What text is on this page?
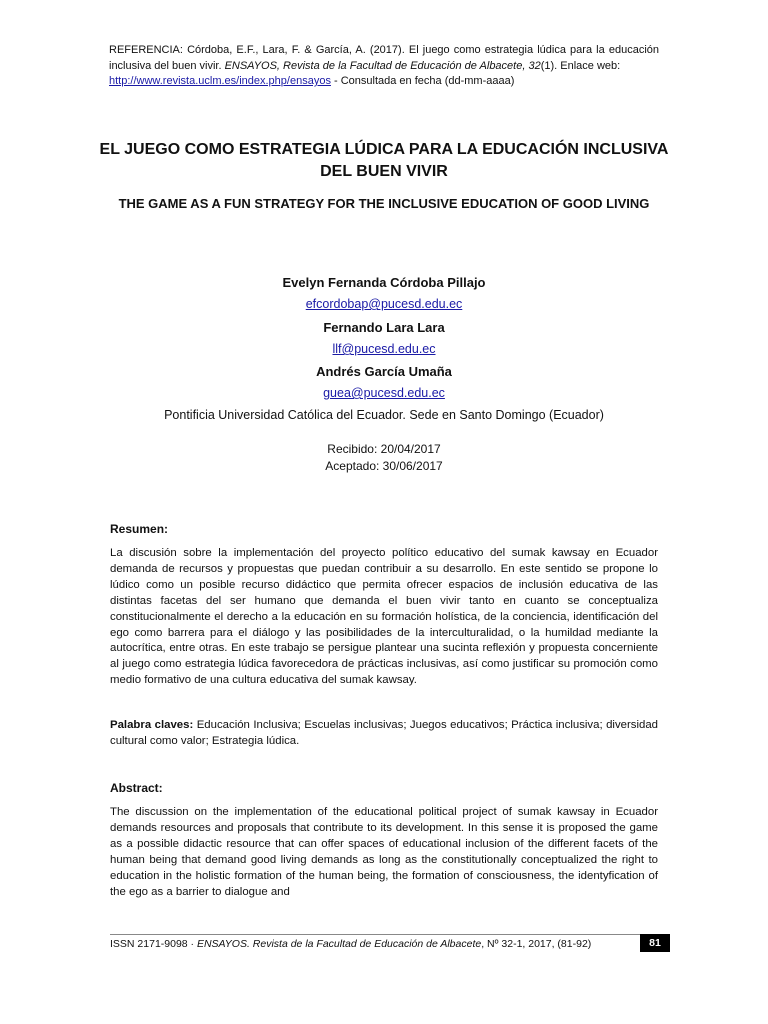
REFERENCIA: Córdoba, E.F., Lara, F. & García, A. (2017). El juego como estrategia lúdica para la educación inclusiva del buen vivir. ENSAYOS, Revista de la Facultad de Educación de Albacete, 32(1). Enlace web:
http://www.revista.uclm.es/index.php/ensayos - Consultada en fecha (dd-mm-aaaa)
EL JUEGO COMO ESTRATEGIA LÚDICA PARA LA EDUCACIÓN INCLUSIVA DEL BUEN VIVIR
THE GAME AS A FUN STRATEGY FOR THE INCLUSIVE EDUCATION OF GOOD LIVING
Evelyn Fernanda Córdoba Pillajo
efcordobap@pucesd.edu.ec
Fernando Lara Lara
llf@pucesd.edu.ec
Andrés García Umaña
guea@pucesd.edu.ec
Pontificia Universidad Católica del Ecuador. Sede en Santo Domingo (Ecuador)
Recibido: 20/04/2017
Aceptado: 30/06/2017
Resumen:
La discusión sobre la implementación del proyecto político educativo del sumak kawsay en Ecuador demanda de recursos y propuestas que puedan contribuir a su desarrollo. En este sentido se propone lo lúdico como un posible recurso didáctico que permita ofrecer espacios de inclusión educativa de las distintas facetas del ser humano que demanda el buen vivir tanto en cuanto se conceptualiza constitucionalmente el derecho a la educación en su formación holística, de la conciencia, identificación del ego como barrera para el diálogo y las posibilidades de la interculturalidad, o la humildad mediante la autocrítica, entre otras. En este trabajo se persigue plantear una sucinta reflexión y propuesta concerniente al juego como estrategia lúdica favorecedora de prácticas inclusivas, así como justificar su promoción como medio formativo de una cultura educativa del sumak kawsay.
Palabra claves: Educación Inclusiva; Escuelas inclusivas; Juegos educativos; Práctica inclusiva; diversidad cultural como valor; Estrategia lúdica.
Abstract:
The discussion on the implementation of the educational political project of sumak kawsay in Ecuador demands resources and proposals that contribute to its development. In this sense it is proposed the game as a possible didactic resource that can offer spaces of educational inclusion of the different facets of the human being that demand good living demands as long as the constitutionally conceptualized the right to education in the holistic formation of the human being, the formation of consciousness, the identyfication of the ego as a barrier to dialogue and
ISSN 2171-9098 · ENSAYOS. Revista de la Facultad de Educación de Albacete, Nº 32-1, 2017, (81-92)	81
